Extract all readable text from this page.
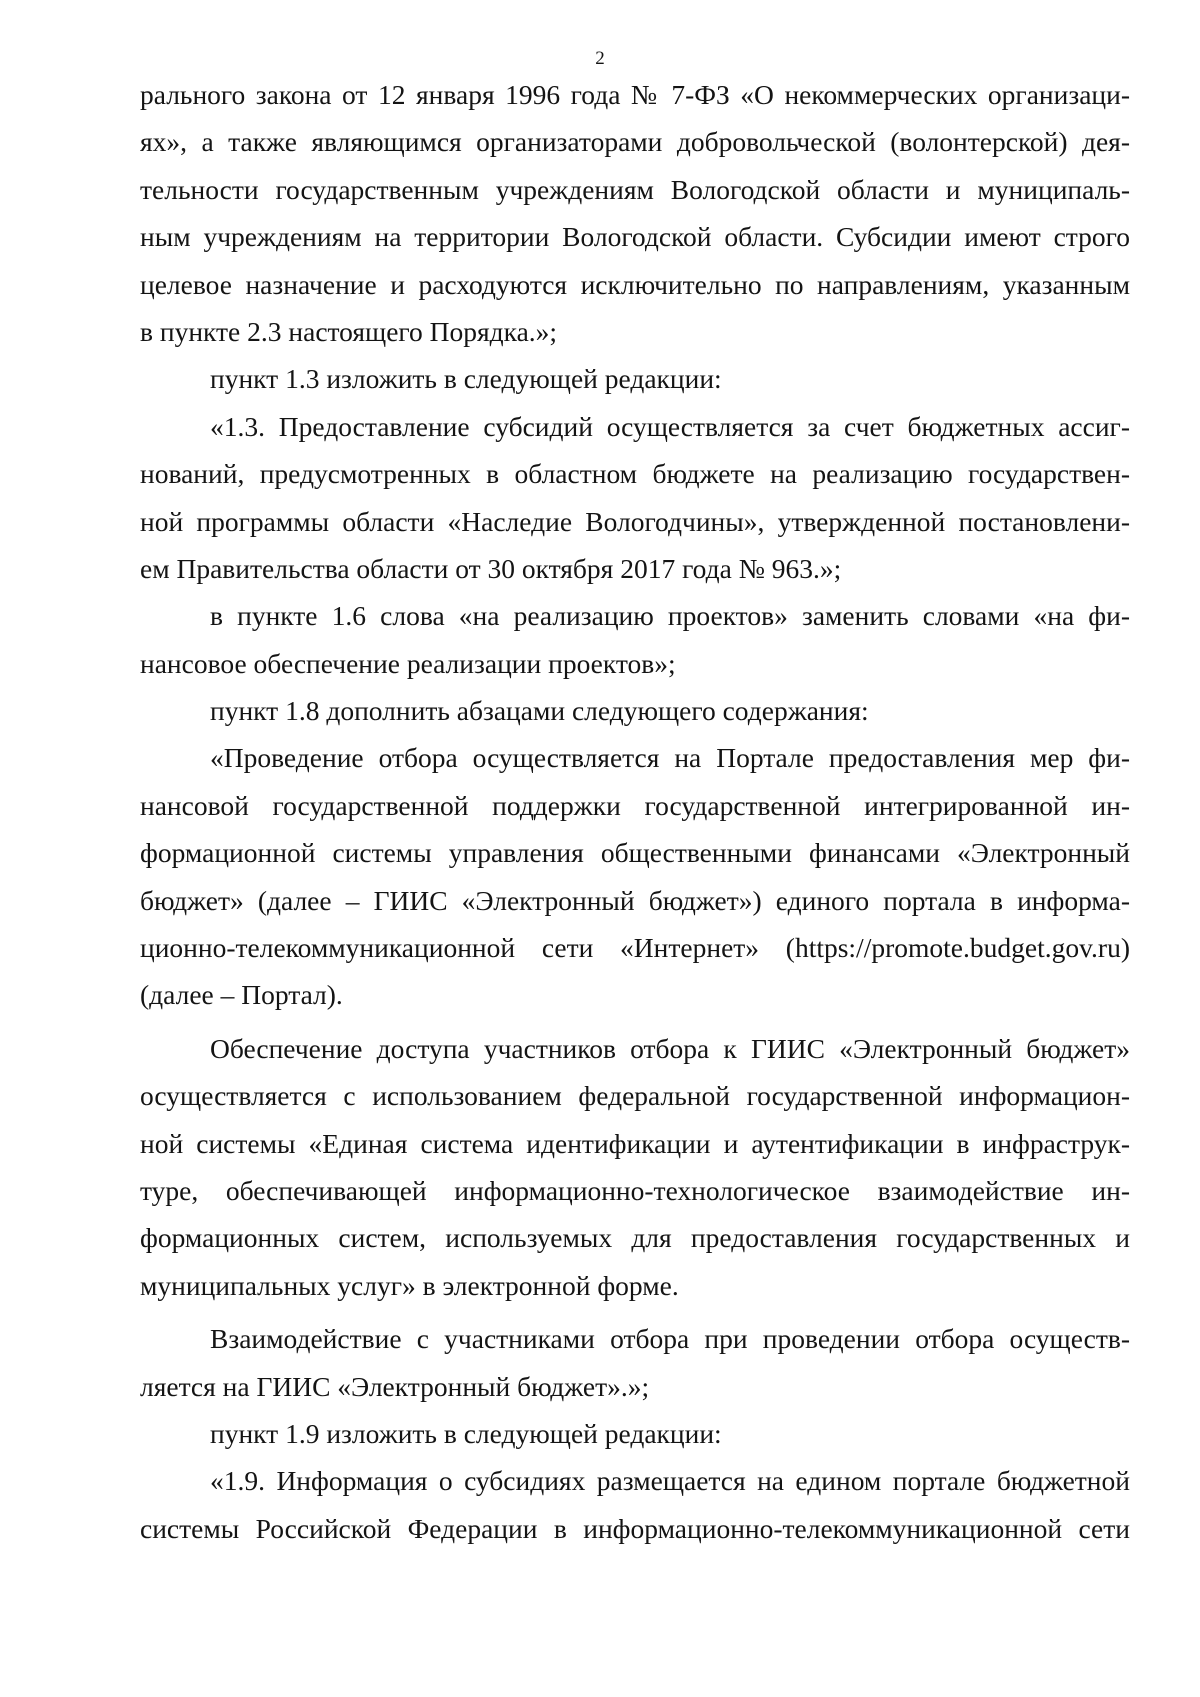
2
рального закона от 12 января 1996 года № 7-ФЗ «О некоммерческих организаци-
ях», а также являющимся организаторами добровольческой (волонтерской) дея-
тельности государственным учреждениям Вологодской области и муниципаль-
ным учреждениям на территории Вологодской области. Субсидии имеют строго
целевое назначение и расходуются исключительно по направлениям, указанным
в пункте 2.3 настоящего Порядка.»;
пункт 1.3 изложить в следующей редакции:
«1.3. Предоставление субсидий осуществляется за счет бюджетных ассиг-
нований, предусмотренных в областном бюджете на реализацию государствен-
ной программы области «Наследие Вологодчины», утвержденной постановлени-
ем Правительства области от 30 октября 2017 года № 963.»;
в пункте 1.6 слова «на реализацию проектов» заменить словами «на фи-
нансовое обеспечение реализации проектов»;
пункт 1.8 дополнить абзацами следующего содержания:
«Проведение отбора осуществляется на Портале предоставления мер фи-
нансовой государственной поддержки государственной интегрированной ин-
формационной системы управления общественными финансами «Электронный
бюджет» (далее – ГИИС «Электронный бюджет») единого портала в информа-
ционно-телекоммуникационной сети «Интернет» (https://promote.budget.gov.ru)
(далее – Портал).
Обеспечение доступа участников отбора к ГИИС «Электронный бюджет»
осуществляется с использованием федеральной государственной информацион-
ной системы «Единая система идентификации и аутентификации в инфраструк-
туре, обеспечивающей информационно-технологическое взаимодействие ин-
формационных систем, используемых для предоставления государственных и
муниципальных услуг» в электронной форме.
Взаимодействие с участниками отбора при проведении отбора осуществ-
ляется на ГИИС «Электронный бюджет».»;
пункт 1.9 изложить в следующей редакции:
«1.9. Информация о субсидиях размещается на едином портале бюджетной
системы Российской Федерации в информационно-телекоммуникационной сети
